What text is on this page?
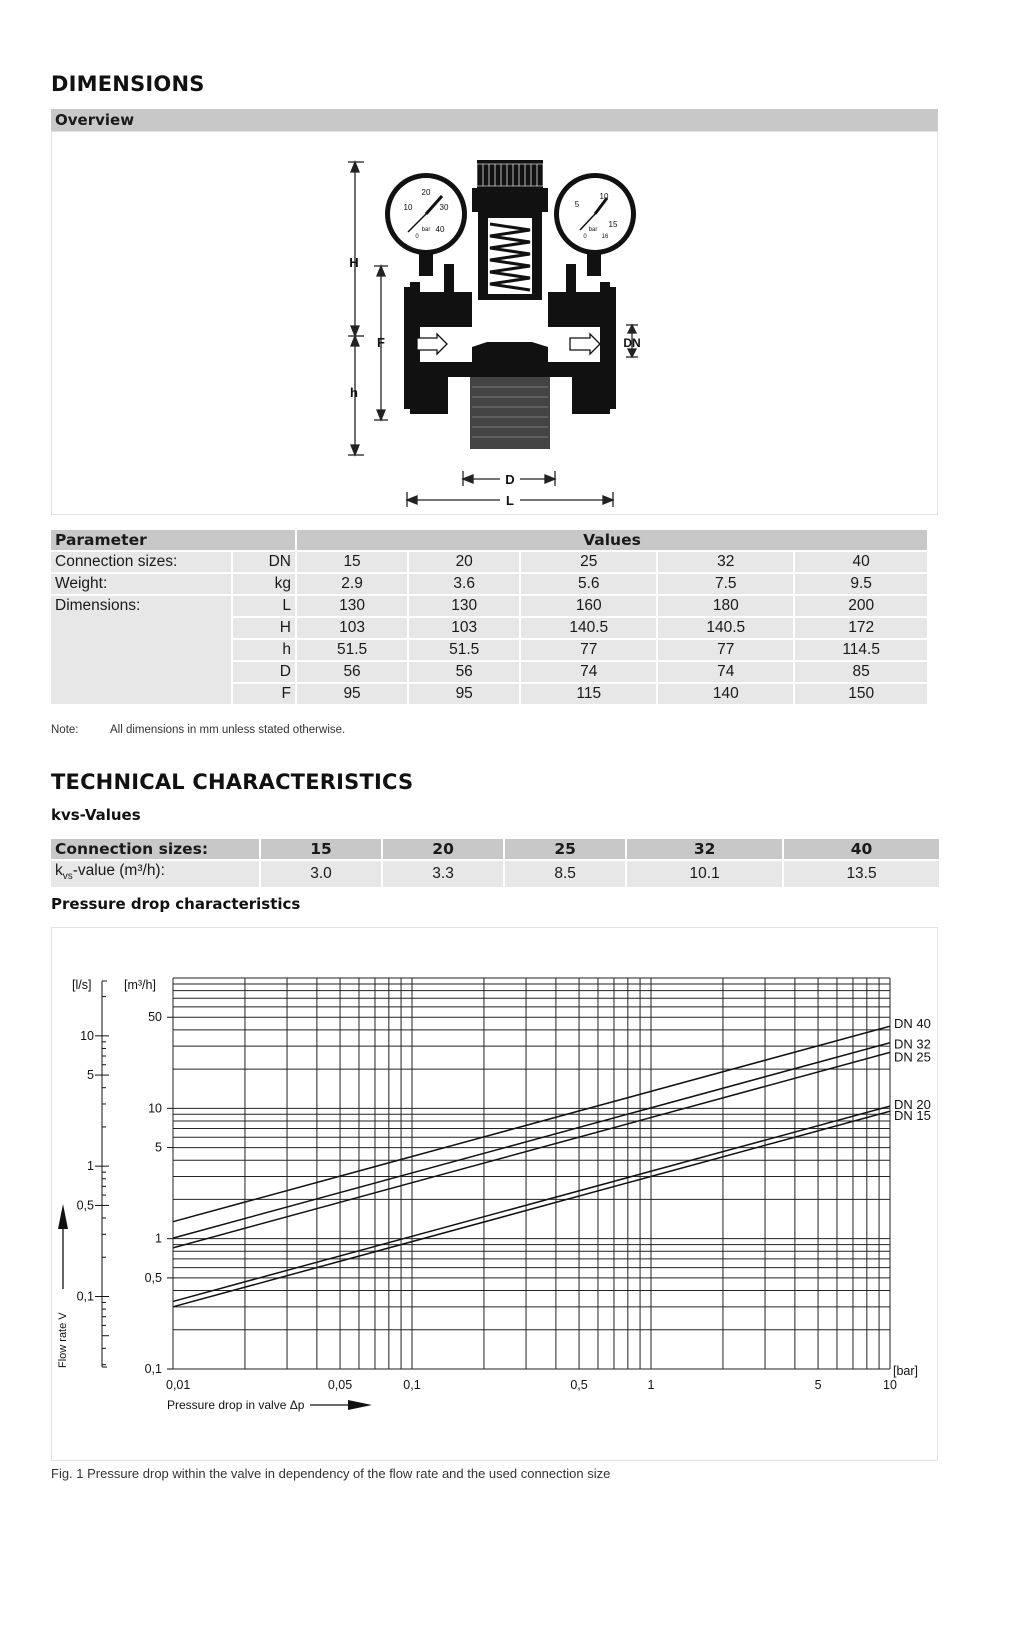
DIMENSIONS
Overview
H
F
h
D
L
DN
10
20
30
40
bar
0
5
10
15
bar
0 16
Parameter		Values				
Connection sizes:	DN	15	20	25	32	40
Weight:	kg	2.9	3.6	5.6	7.5	9.5
Dimensions:	L	130	130	160	180	200
	H	103	103	140.5	140.5	172
	h	51.5	51.5	77	77	114.5
	D	56	56	74	74	85
	F	95	95	115	140	150
Note:	All dimensions in mm unless stated otherwise.
TECHNICAL CHARACTERISTICS
kvs-Values
Connection sizes:	15	20	25	32	40
$k_{vs}$-value (m³/h):	3.0	3.3	8.5	10.1	13.5
Pressure drop characteristics
DN 40
DN 32
DN 25
DN 20
DN 15
0,01	0,05	0,1	0,5	1	5	10
[bar]
Pressure drop in valve Δp
50
10
5
1
0,5
0,1
[m³/h]
10
5
1
0,5
0,1
[l/s]
Flow rate V
Fig. 1 Pressure drop within the valve in dependency of the flow rate and the used connection size
